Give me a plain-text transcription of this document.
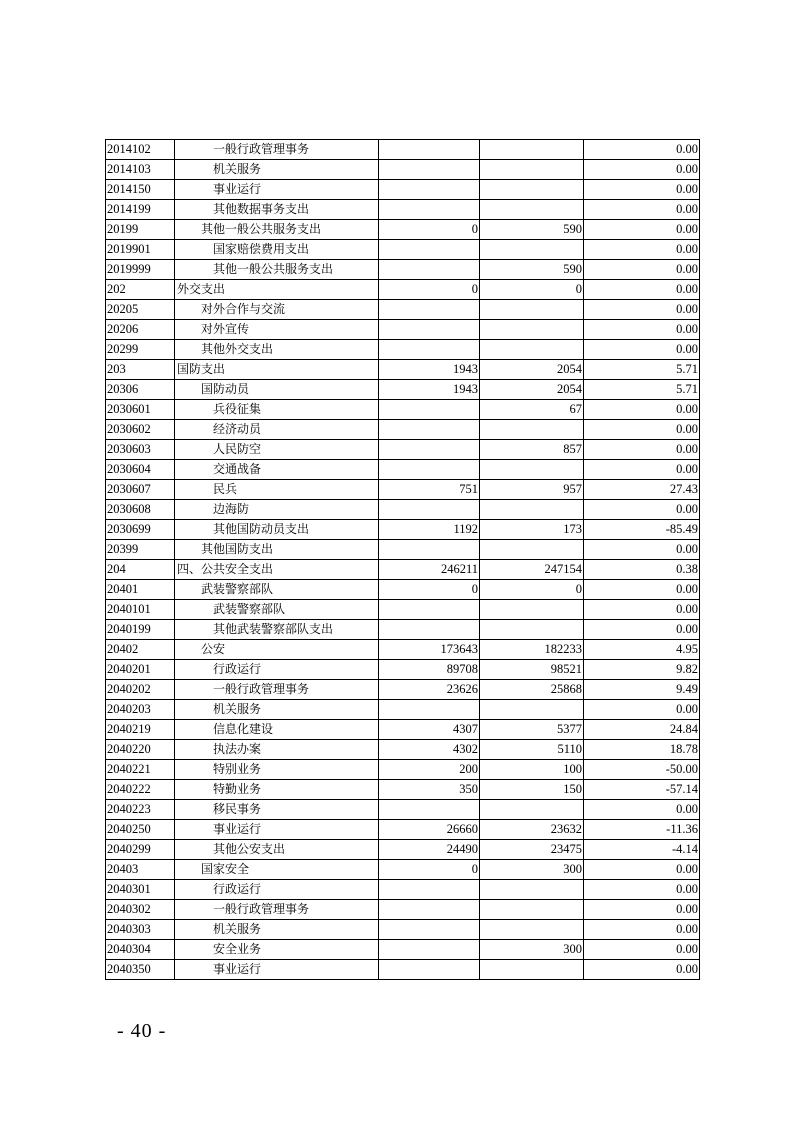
2014102	一般行政管理事务			0.00
2014103	机关服务			0.00
2014150	事业运行			0.00
2014199	其他数据事务支出			0.00
20199	其他一般公共服务支出	0	590	0.00
2019901	国家赔偿费用支出			0.00
2019999	其他一般公共服务支出		590	0.00
202	外交支出	0	0	0.00
20205	对外合作与交流			0.00
20206	对外宣传			0.00
20299	其他外交支出			0.00
203	国防支出	1943	2054	5.71
20306	国防动员	1943	2054	5.71
2030601	兵役征集		67	0.00
2030602	经济动员			0.00
2030603	人民防空		857	0.00
2030604	交通战备			0.00
2030607	民兵	751	957	27.43
2030608	边海防			0.00
2030699	其他国防动员支出	1192	173	-85.49
20399	其他国防支出			0.00
204	四、公共安全支出	246211	247154	0.38
20401	武装警察部队	0	0	0.00
2040101	武装警察部队			0.00
2040199	其他武装警察部队支出			0.00
20402	公安	173643	182233	4.95
2040201	行政运行	89708	98521	9.82
2040202	一般行政管理事务	23626	25868	9.49
2040203	机关服务			0.00
2040219	信息化建设	4307	5377	24.84
2040220	执法办案	4302	5110	18.78
2040221	特别业务	200	100	-50.00
2040222	特勤业务	350	150	-57.14
2040223	移民事务			0.00
2040250	事业运行	26660	23632	-11.36
2040299	其他公安支出	24490	23475	-4.14
20403	国家安全	0	300	0.00
2040301	行政运行			0.00
2040302	一般行政管理事务			0.00
2040303	机关服务			0.00
2040304	安全业务		300	0.00
2040350	事业运行			0.00
- 40 -
